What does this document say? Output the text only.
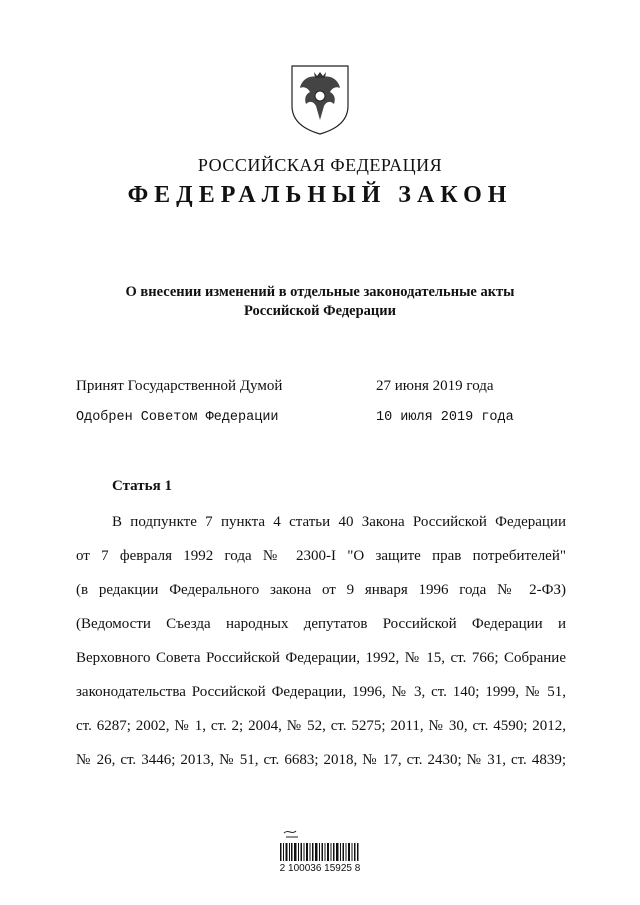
РОССИЙСКАЯ ФЕДЕРАЦИЯ
ФЕДЕРАЛЬНЫЙ ЗАКОН
О внесении изменений в отдельные законодательные акты
Российской Федерации
Принят Государственной Думой	27 июня 2019 года
Одобрен Советом Федерации	10 июля 2019 года
Статья 1
В подпункте 7 пункта 4 статьи 40 Закона Российской Федерации
от 7 февраля 1992 года № 2300-I "О защите прав потребителей"
(в редакции Федерального закона от 9 января 1996 года № 2-ФЗ)
(Ведомости Съезда народных депутатов Российской Федерации и
Верховного Совета Российской Федерации, 1992, № 15, ст. 766; Собрание
законодательства Российской Федерации, 1996, № 3, ст. 140; 1999, № 51,
ст. 6287; 2002, № 1, ст. 2; 2004, № 52, ст. 5275; 2011, № 30, ст. 4590; 2012,
№ 26, ст. 3446; 2013, № 51, ст. 6683; 2018, № 17, ст. 2430; № 31, ст. 4839;
2 100036 15925 8
